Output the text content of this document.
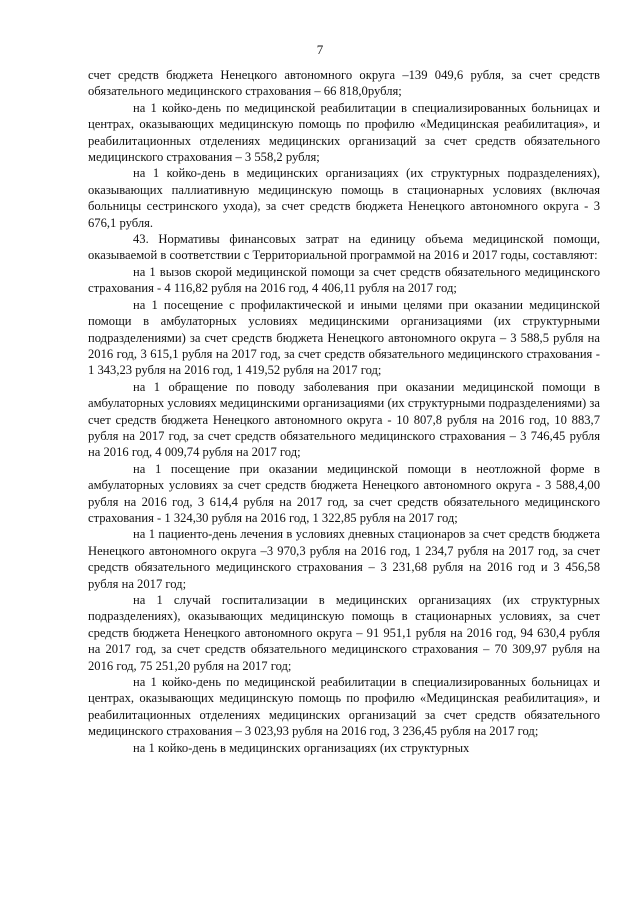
7

счет средств бюджета Ненецкого автономного округа –139 049,6 рубля, за счет средств обязательного медицинского страхования – 66 818,0рубля;

на 1 койко-день по медицинской реабилитации в специализированных больницах и центрах, оказывающих медицинскую помощь по профилю «Медицинская реабилитация», и реабилитационных отделениях медицинских организаций за счет средств обязательного медицинского страхования – 3 558,2 рубля;

на 1 койко-день в медицинских организациях (их структурных подразделениях), оказывающих паллиативную медицинскую помощь в стационарных условиях (включая больницы сестринского ухода), за счет средств бюджета Ненецкого автономного округа - 3 676,1 рубля.

43. Нормативы финансовых затрат на единицу объема медицинской помощи, оказываемой в соответствии с Территориальной программой на 2016 и 2017 годы, составляют:

на 1 вызов скорой медицинской помощи за счет средств обязательного медицинского страхования - 4 116,82 рубля на 2016 год, 4 406,11 рубля на 2017 год;

на 1 посещение с профилактической и иными целями при оказании медицинской помощи в амбулаторных условиях медицинскими организациями (их структурными подразделениями) за счет средств бюджета Ненецкого автономного округа – 3 588,5 рубля на 2016 год, 3 615,1 рубля на 2017 год, за счет средств обязательного медицинского страхования - 1 343,23 рубля на 2016 год, 1 419,52 рубля на 2017 год;

на 1 обращение по поводу заболевания при оказании медицинской помощи в амбулаторных условиях медицинскими организациями (их структурными подразделениями) за счет средств бюджета Ненецкого автономного округа - 10 807,8 рубля на 2016 год, 10 883,7 рубля на 2017 год, за счет средств обязательного медицинского страхования – 3 746,45 рубля на 2016 год, 4 009,74 рубля на 2017 год;

на 1 посещение при оказании медицинской помощи в неотложной форме в амбулаторных условиях за счет средств бюджета Ненецкого автономного округа - 3 588,4,00 рубля на 2016 год, 3 614,4 рубля на 2017 год, за счет средств обязательного медицинского страхования - 1 324,30 рубля на 2016 год, 1 322,85 рубля на 2017 год;

на 1 пациенто-день лечения в условиях дневных стационаров за счет средств бюджета Ненецкого автономного округа –3 970,3 рубля на 2016 год, 1 234,7 рубля на 2017 год, за счет средств обязательного медицинского страхования – 3 231,68 рубля на 2016 год и 3 456,58 рубля на 2017 год;

на 1 случай госпитализации в медицинских организациях (их структурных подразделениях), оказывающих медицинскую помощь в стационарных условиях, за счет средств бюджета Ненецкого автономного округа – 91 951,1 рубля на 2016 год, 94 630,4 рубля на 2017 год, за счет средств обязательного медицинского страхования – 70 309,97 рубля на 2016 год, 75 251,20 рубля на 2017 год;

на 1 койко-день по медицинской реабилитации в специализированных больницах и центрах, оказывающих медицинскую помощь по профилю «Медицинская реабилитация», и реабилитационных отделениях медицинских организаций за счет средств обязательного медицинского страхования – 3 023,93 рубля на 2016 год, 3 236,45 рубля на 2017 год;

на 1 койко-день в медицинских организациях (их структурных
